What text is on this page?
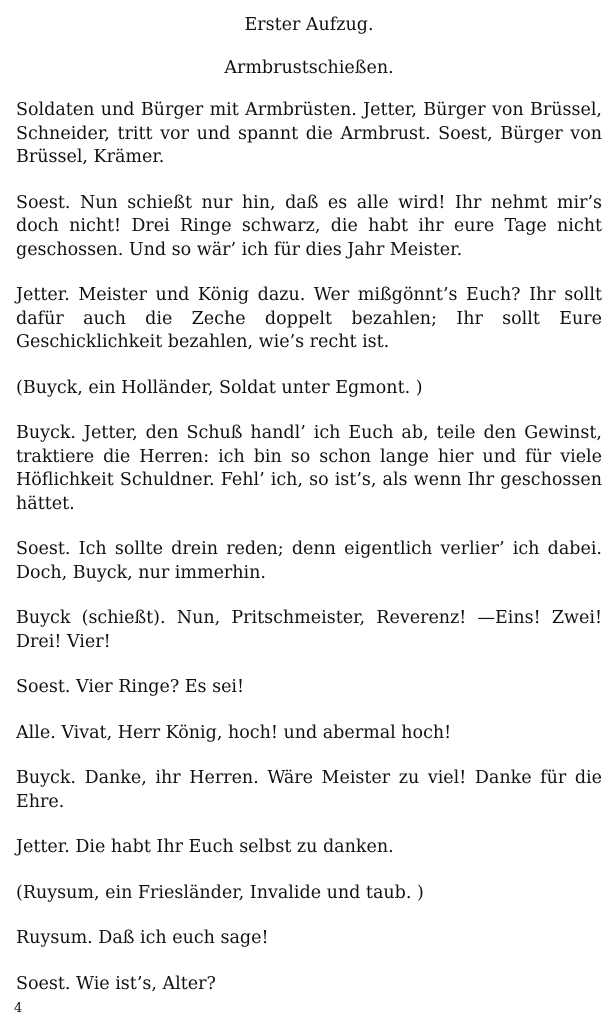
Erster Aufzug.

Armbrustschießen.

Soldaten und Bürger mit Armbrüsten. Jetter, Bürger von Brüssel, Schneider, tritt vor und spannt die Armbrust. Soest, Bürger von Brüssel, Krämer.

Soest. Nun schießt nur hin, daß es alle wird! Ihr nehmt mir’s doch nicht! Drei Ringe schwarz, die habt ihr eure Tage nicht geschossen. Und so wär’ ich für dies Jahr Meister.

Jetter. Meister und König dazu. Wer mißgönnt’s Euch? Ihr sollt dafür auch die Zeche doppelt bezahlen; Ihr sollt Eure Geschicklichkeit bezahlen, wie’s recht ist.

(Buyck, ein Holländer, Soldat unter Egmont. )

Buyck. Jetter, den Schuß handl’ ich Euch ab, teile den Gewinst, traktiere die Herren: ich bin so schon lange hier und für viele Höflichkeit Schuldner. Fehl’ ich, so ist’s, als wenn Ihr geschossen hättet.

Soest. Ich sollte drein reden; denn eigentlich verlier’ ich dabei. Doch, Buyck, nur immerhin.

Buyck (schießt). Nun, Pritschmeister, Reverenz! —Eins! Zwei! Drei! Vier!

Soest. Vier Ringe? Es sei!

Alle. Vivat, Herr König, hoch! und abermal hoch!

Buyck. Danke, ihr Herren. Wäre Meister zu viel! Danke für die Ehre.

Jetter. Die habt Ihr Euch selbst zu danken.

(Ruysum, ein Friesländer, Invalide und taub. )

Ruysum. Daß ich euch sage!

Soest. Wie ist’s, Alter?

4
